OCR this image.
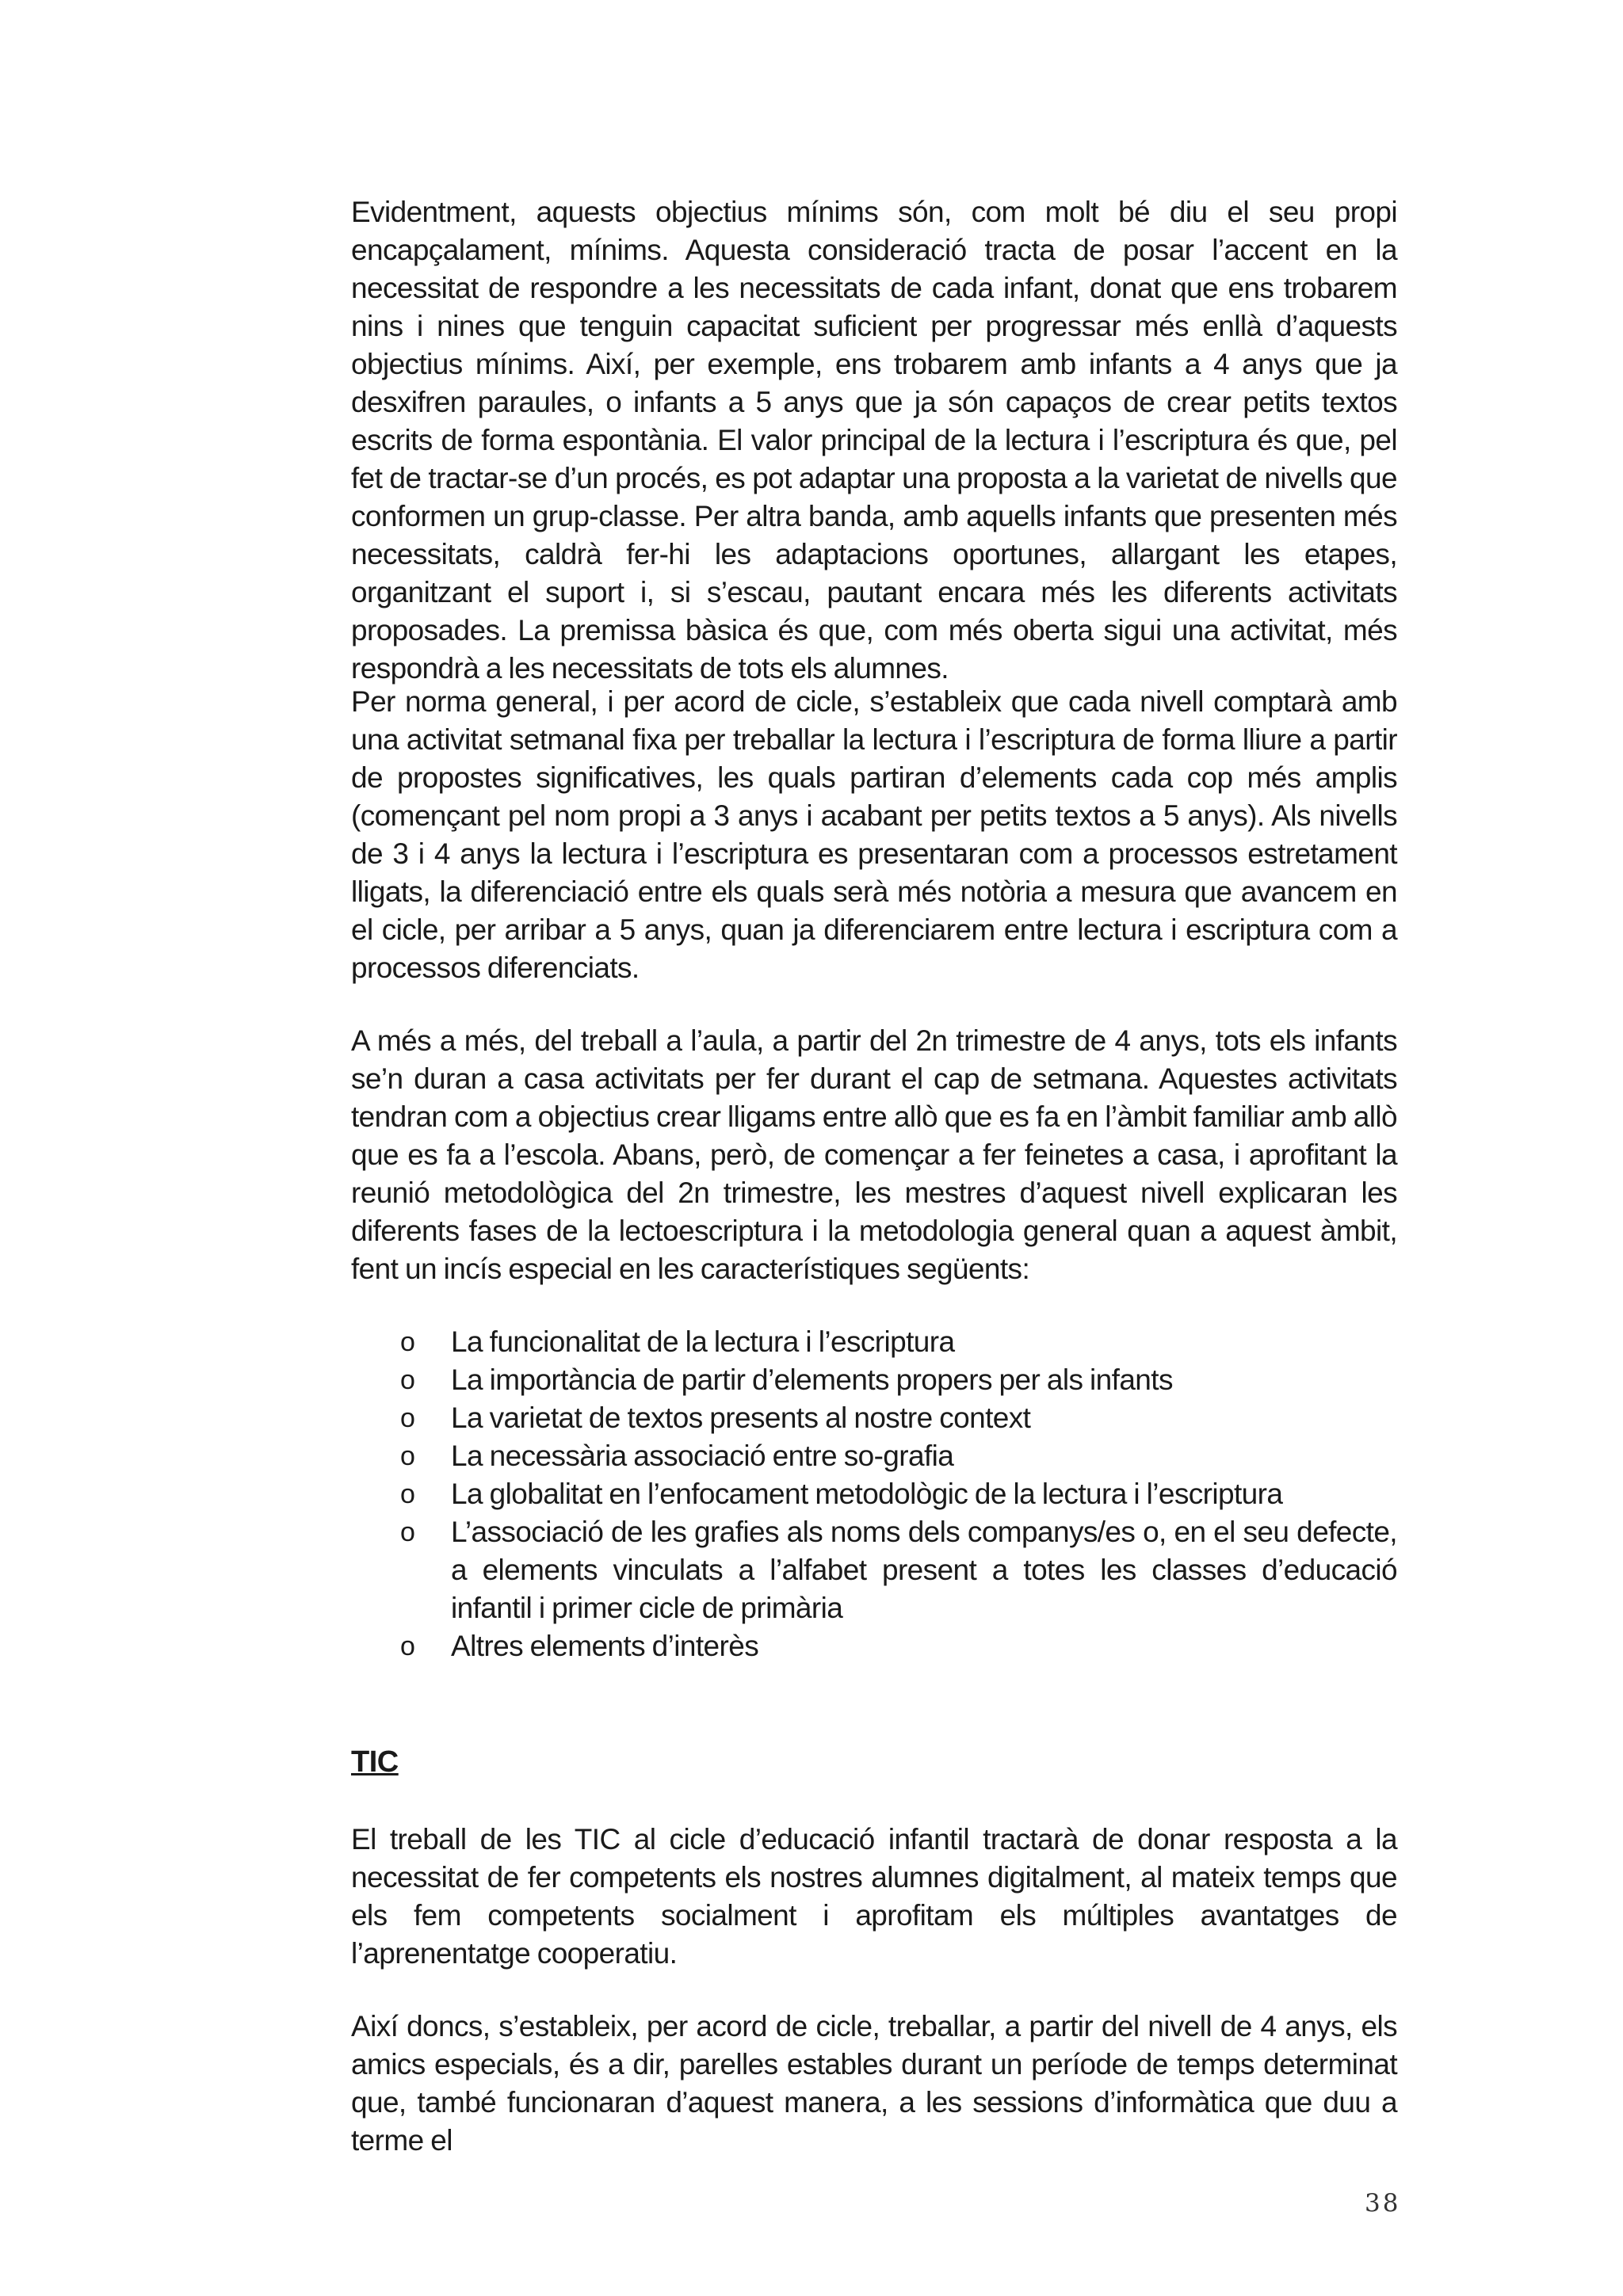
Evidentment, aquests objectius mínims són, com molt bé diu el seu propi encapçalament, mínims. Aquesta consideració tracta de posar l’accent en la necessitat de respondre a les necessitats de cada infant, donat que ens trobarem nins i nines que tenguin capacitat suficient per progressar més enllà d’aquests objectius mínims. Així, per exemple, ens trobarem amb infants a 4 anys que ja desxifren paraules, o infants a 5 anys que ja són capaços de crear petits textos escrits de forma espontània. El valor principal de la lectura i l’escriptura és que, pel fet de tractar-se d’un procés, es pot adaptar una proposta a la varietat de nivells que conformen un grup-classe. Per altra banda, amb aquells infants que presenten més necessitats, caldrà fer-hi les adaptacions oportunes, allargant les etapes, organitzant el suport i, si s’escau, pautant encara més les diferents activitats proposades. La premissa bàsica és que, com més oberta sigui una activitat, més respondrà a les necessitats de tots els alumnes.

Per norma general, i per acord de cicle, s’estableix que cada nivell comptarà amb una activitat setmanal fixa per treballar la lectura i l’escriptura de forma lliure a partir de propostes significatives, les quals partiran d’elements cada cop més amplis (començant pel nom propi a 3 anys i acabant per petits textos a 5 anys). Als nivells de 3 i 4 anys la lectura i l’escriptura es presentaran com a processos estretament lligats, la diferenciació entre els quals serà més notòria a mesura que avancem en el cicle, per arribar a 5 anys, quan ja diferenciarem entre lectura i escriptura com a processos diferenciats.

A més a més, del treball a l’aula, a partir del 2n trimestre de 4 anys, tots els infants se’n duran a casa activitats per fer durant el cap de setmana. Aquestes activitats tendran com a objectius crear lligams entre allò que es fa en l’àmbit familiar amb allò que es fa a l’escola. Abans, però, de començar a fer feinetes a casa, i aprofitant la reunió metodològica del 2n trimestre, les mestres d’aquest nivell explicaran les diferents fases de la lectoescriptura i la metodologia general quan a aquest àmbit, fent un incís especial en les característiques següents:

o La funcionalitat de la lectura i l’escriptura
o La importància de partir d’elements propers per als infants
o La varietat de textos presents al nostre context
o La necessària associació entre so-grafia
o La globalitat en l’enfocament metodològic de la lectura i l’escriptura
o L’associació de les grafies als noms dels companys/es o, en el seu defecte, a elements vinculats a l’alfabet present a totes les classes d’educació infantil i primer cicle de primària
o Altres elements d’interès
TIC

El treball de les TIC al cicle d’educació infantil tractarà de donar resposta a la necessitat de fer competents els nostres alumnes digitalment, al mateix temps que els fem competents socialment i aprofitam els múltiples avantatges de l’aprenentatge cooperatiu.

Així doncs, s’estableix, per acord de cicle, treballar, a partir del nivell de 4 anys, els amics especials, és a dir, parelles estables durant un període de temps determinat que, també funcionaran d’aquest manera, a les sessions d’informàtica que duu a terme el

38
